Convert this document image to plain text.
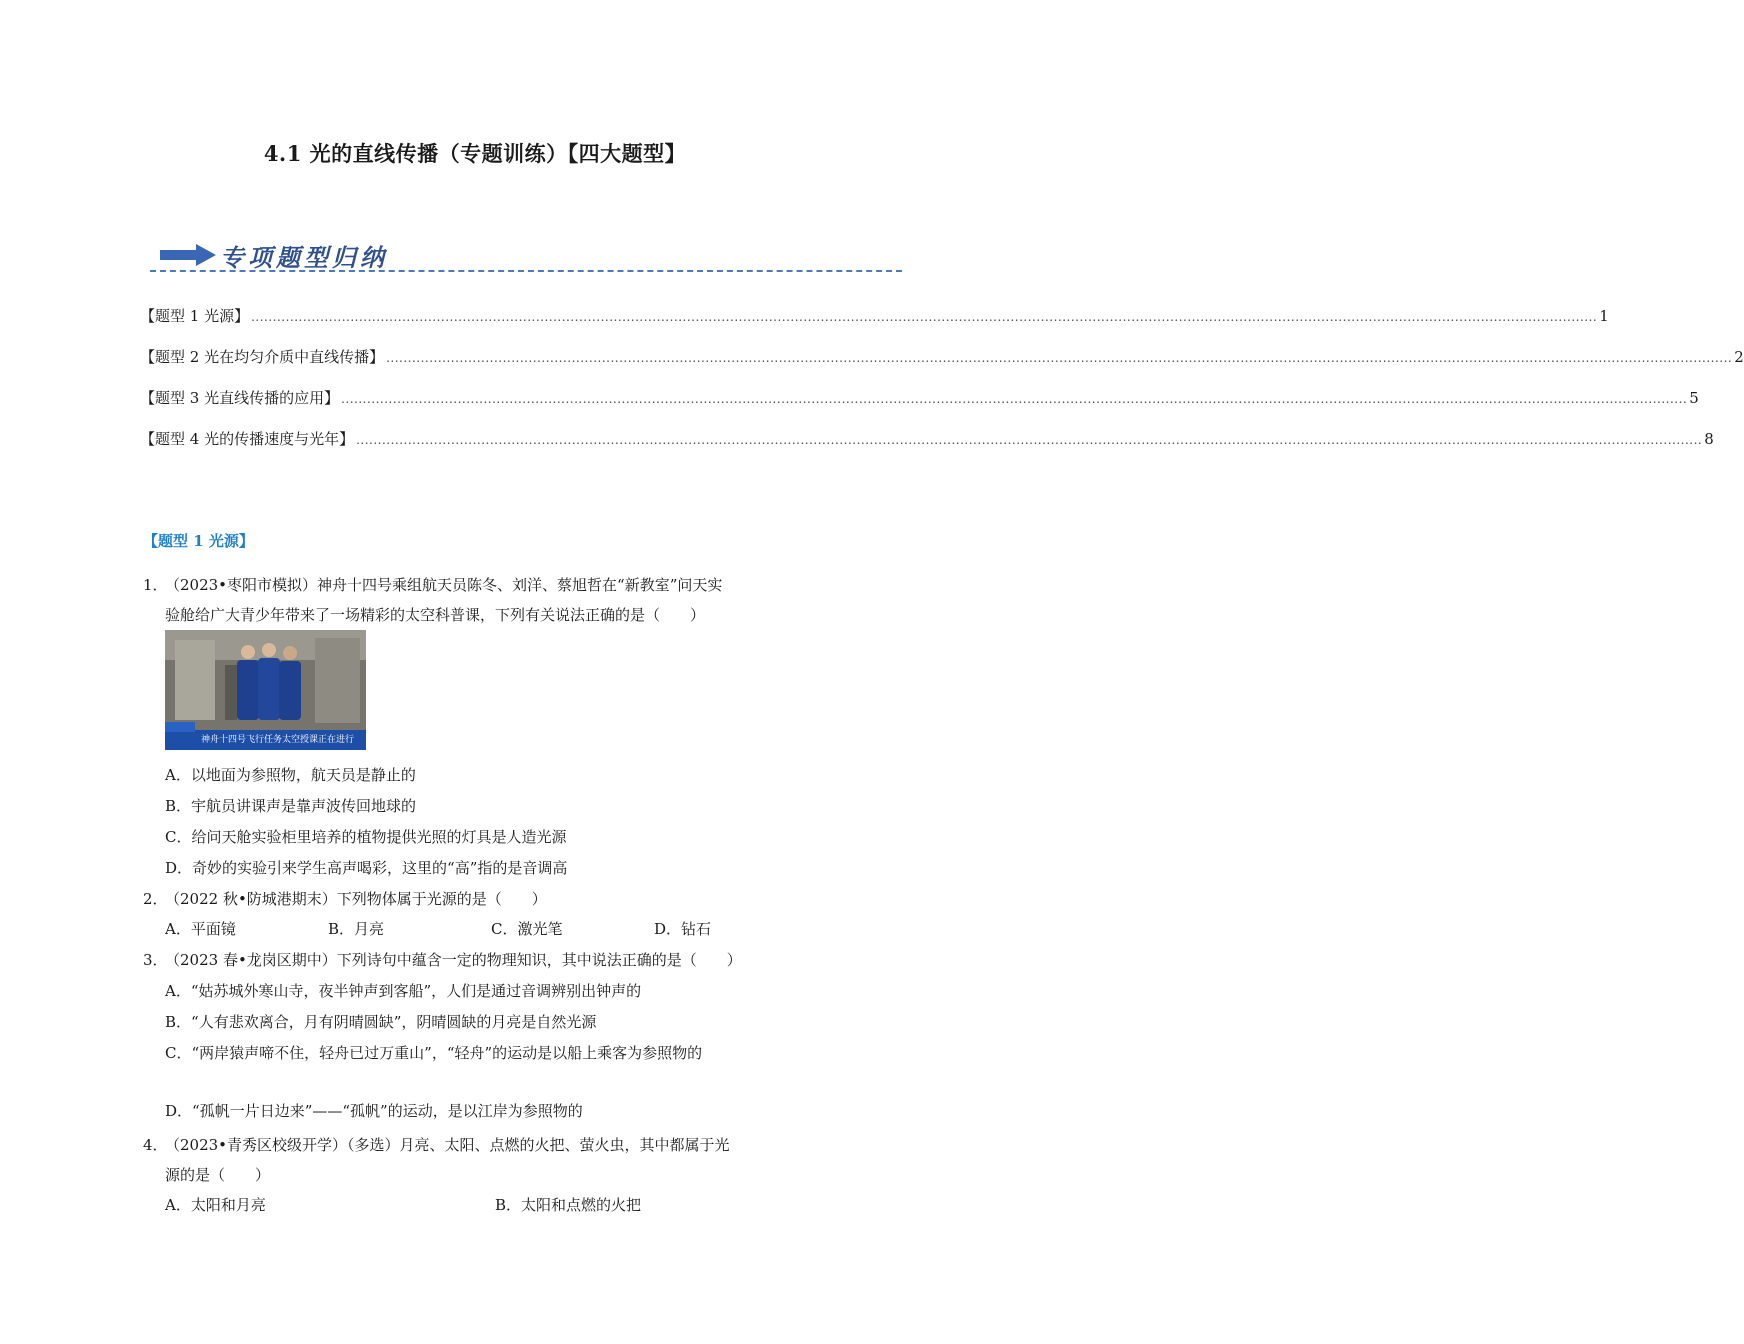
4.1 光的直线传播（专题训练）【四大题型】
专项题型归纳
【题型 1 光源】 ........................................................................................................................................................................................................................................................................................................................ 1
【题型 2 光在均匀介质中直线传播】 ........................................................................................................................................................................................................................................................................................................................ 2
【题型 3 光直线传播的应用】 ........................................................................................................................................................................................................................................................................................................................ 5
【题型 4 光的传播速度与光年】 ........................................................................................................................................................................................................................................................................................................................ 8
【题型 1 光源】
1．（2023•枣阳市模拟）神舟十四号乘组航天员陈冬、刘洋、蔡旭哲在“新教室”问天实
验舱给广大青少年带来了一场精彩的太空科普课，下列有关说法正确的是（　　）
神舟十四号飞行任务太空授课正在进行
A．以地面为参照物，航天员是静止的
B．宇航员讲课声是靠声波传回地球的
C．给问天舱实验柜里培养的植物提供光照的灯具是人造光源
D．奇妙的实验引来学生高声喝彩，这里的“高”指的是音调高
2．（2022 秋•防城港期末）下列物体属于光源的是（　　）
A．平面镜	B．月亮	C．激光笔	D．钻石
3．（2023 春•龙岗区期中）下列诗句中蕴含一定的物理知识，其中说法正确的是（　　）
A．“姑苏城外寒山寺，夜半钟声到客船”，人们是通过音调辨别出钟声的
B．“人有悲欢离合，月有阴晴圆缺”，阴晴圆缺的月亮是自然光源
C．“两岸猿声啼不住，轻舟已过万重山”，“轻舟”的运动是以船上乘客为参照物的
D．“孤帆一片日边来”——“孤帆”的运动，是以江岸为参照物的
4．（2023•青秀区校级开学）（多选）月亮、太阳、点燃的火把、萤火虫，其中都属于光
源的是（　　）
A．太阳和月亮	B．太阳和点燃的火把
